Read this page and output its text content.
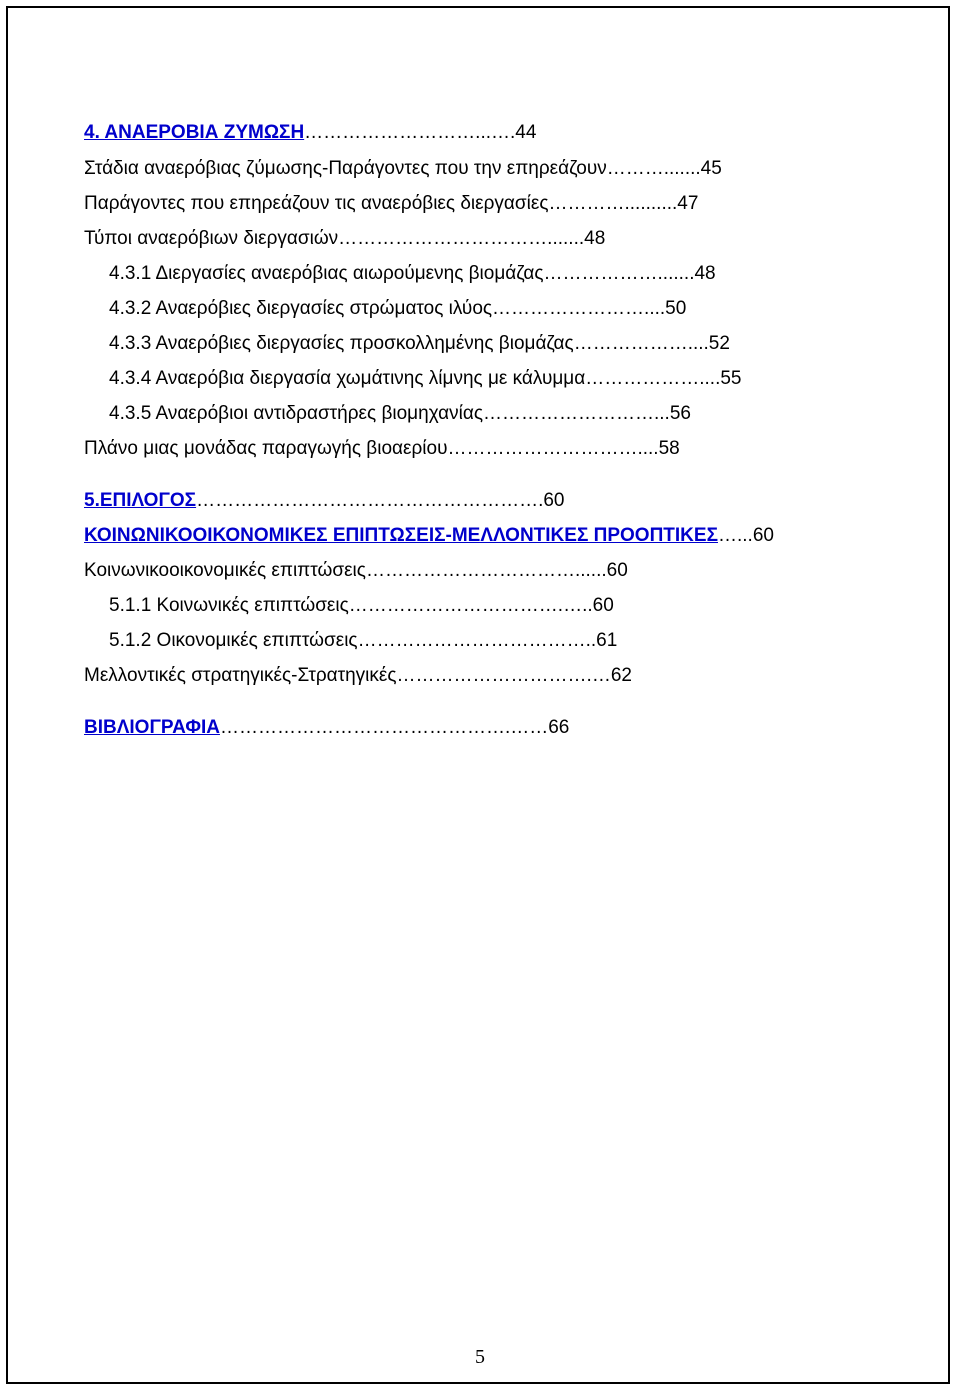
4. ΑΝΑΕΡΟΒΙΑ ΖΥΜΩΣΗ………………………...….44
Στάδια αναερόβιας ζύμωσης-Παράγοντες που την επηρεάζουν……….......45
Παράγοντες που επηρεάζουν τις αναερόβιες διεργασίες…………..........47
Τύποι αναερόβιων διεργασιών…………………………….......48
4.3.1 Διεργασίες αναερόβιας αιωρούμενης βιομάζας……………….......48
4.3.2 Αναερόβιες διεργασίες στρώματος ιλύος……………………....50
4.3.3 Αναερόβιες διεργασίες προσκολλημένης βιομάζας………………....52
4.3.4 Αναερόβια διεργασία χωμάτινης λίμνης με κάλυμμα………………....55
4.3.5 Αναερόβιοι αντιδραστήρες βιομηχανίας………………………...56
Πλάνο μιας μονάδας παραγωγής βιοαερίου…………………………....58
5.ΕΠΙΛΟΓΟΣ……………………………………………….60
ΚΟΙΝΩΝΙΚΟΟΙΚΟΝΟΜΙΚΕΣ ΕΠΙΠΤΩΣΕΙΣ-ΜΕΛΛΟΝΤΙΚΕΣ ΠΡΟΟΠΤΙΚΕΣ…...60
Κοινωνικοοικονομικές επιπτώσεις……………………………......60
5.1.1 Κοινωνικές επιπτώσεις…………………………….…..60
5.1.2 Οικονομικές επιπτώσεις………………………………..61
Μελλοντικές στρατηγικές-Στρατηγικές………………………….…62
ΒΙΒΛΙΟΓΡΑΦΙΑ……………………………………….……66
5
